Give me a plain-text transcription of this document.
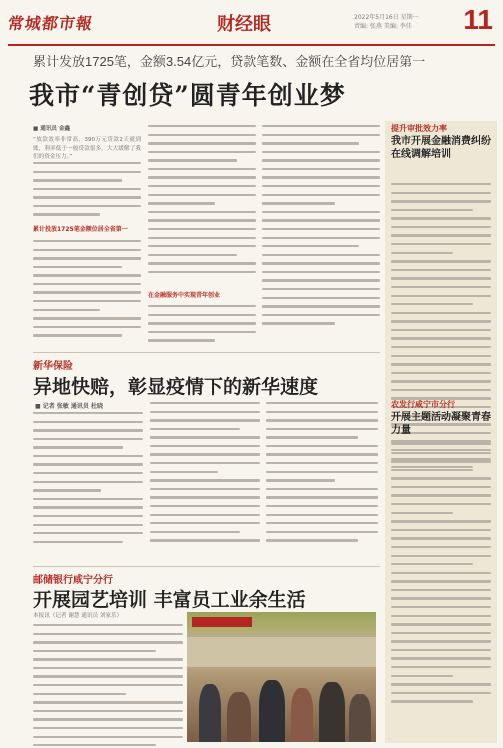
常城都市報	财经眼	2022年5月16日 星期一
责编: 张燕 美编: 李佳 11
累计发放1725笔，金额3.54亿元，贷款笔数、金额在全省均位居第一
我市“青创贷”圆青年创业梦
■ 通讯员 金鑫
“放款效率非常高，390万元贷款2天就到账，利率低于一般贷款很多，大大缓解了我们的资金压力。”
累计投放1725笔金额位居全省第一
在金融服务中实现青年创业
新华保险
异地快赔，彰显疫情下的新华速度
■ 记者 张敏 通讯员 杜晓
邮储银行咸宁分行
开展园艺培训 丰富员工业余生活
本报讯（记者 谢慧 通讯员 刘家乐）
提升审批效力率
我市开展金融消费纠纷在线调解培训
农发行咸宁市分行
开展主题活动凝聚青春力量
